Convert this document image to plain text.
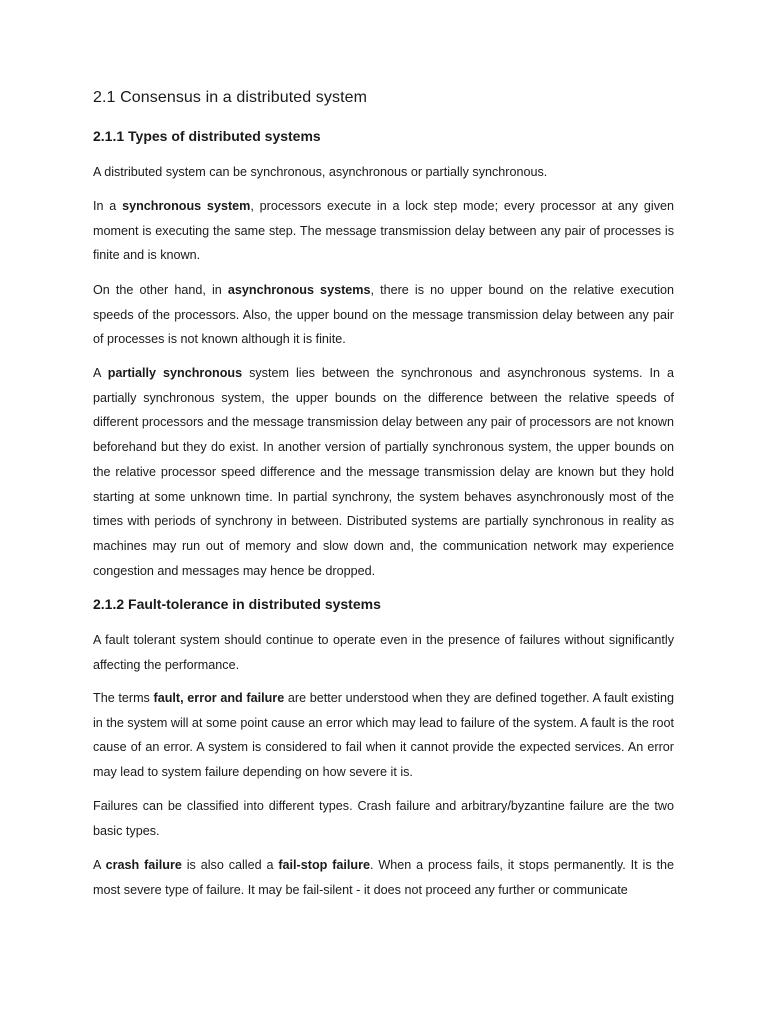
2.1 Consensus in a distributed system
2.1.1 Types of distributed systems

A distributed system can be synchronous, asynchronous or partially synchronous.

In a synchronous system, processors execute in a lock step mode; every processor at any given moment is executing the same step. The message transmission delay between any pair of processes is finite and is known.

On the other hand, in asynchronous systems, there is no upper bound on the relative execution speeds of the processors. Also, the upper bound on the message transmission delay between any pair of processes is not known although it is finite.

A partially synchronous system lies between the synchronous and asynchronous systems. In a partially synchronous system, the upper bounds on the difference between the relative speeds of different processors and the message transmission delay between any pair of processors are not known beforehand but they do exist. In another version of partially synchronous system, the upper bounds on the relative processor speed difference and the message transmission delay are known but they hold starting at some unknown time. In partial synchrony, the system behaves asynchronously most of the times with periods of synchrony in between. Distributed systems are partially synchronous in reality as machines may run out of memory and slow down and, the communication network may experience congestion and messages may hence be dropped.

2.1.2 Fault-tolerance in distributed systems

A fault tolerant system should continue to operate even in the presence of failures without significantly affecting the performance.

The terms fault, error and failure are better understood when they are defined together. A fault existing in the system will at some point cause an error which may lead to failure of the system. A fault is the root cause of an error. A system is considered to fail when it cannot provide the expected services. An error may lead to system failure depending on how severe it is.

Failures can be classified into different types. Crash failure and arbitrary/byzantine failure are the two basic types.

A crash failure is also called a fail-stop failure. When a process fails, it stops permanently. It is the most severe type of failure. It may be fail-silent - it does not proceed any further or communicate
